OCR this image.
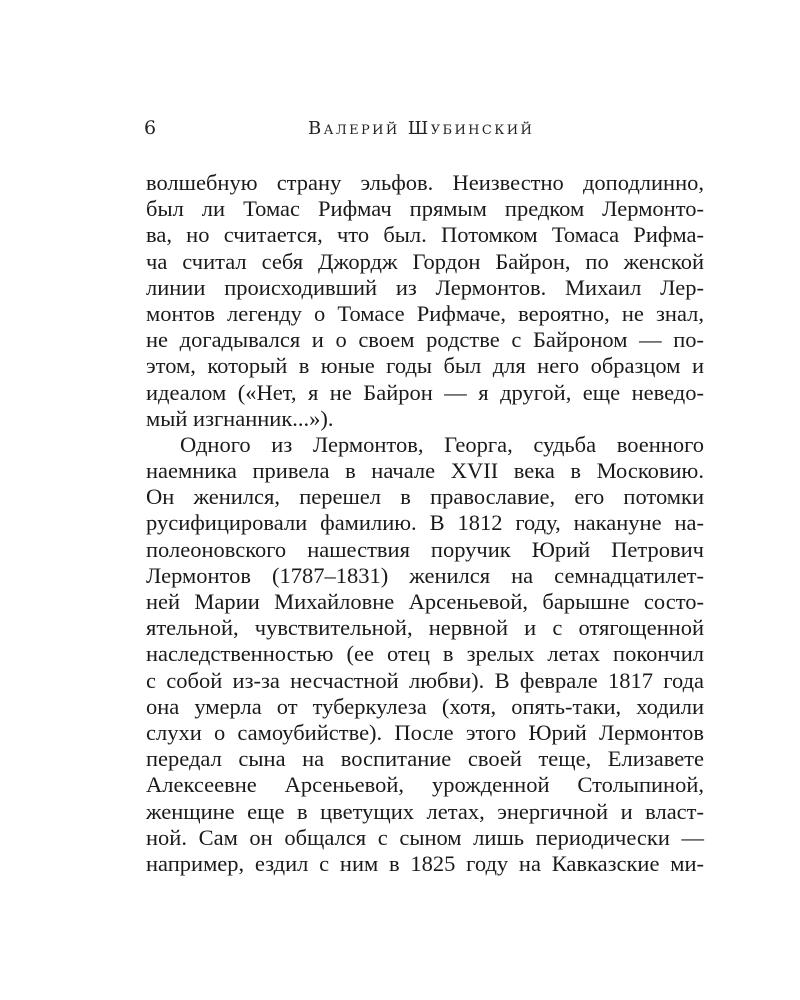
6	Валерий Шубинский
волшебную страну эльфов. Неизвестно доподлинно,
был ли Томас Рифмач прямым предком Лермонто-
ва, но считается, что был. Потомком Томаса Рифма-
ча считал себя Джордж Гордон Байрон, по женской
линии происходивший из Лермонтов. Михаил Лер-
монтов легенду о Томасе Рифмаче, вероятно, не знал,
не догадывался и о своем родстве с Байроном — по-
этом, который в юные годы был для него образцом и
идеалом («Нет, я не Байрон — я другой, еще неведо-
мый изгнанник...»).
Одного из Лермонтов, Георга, судьба военного
наемника привела в начале XVII века в Московию.
Он женился, перешел в православие, его потомки
русифицировали фамилию. В 1812 году, накануне на-
полеоновского нашествия поручик Юрий Петрович
Лермонтов (1787–1831) женился на семнадцатилет-
ней Марии Михайловне Арсеньевой, барышне состо-
ятельной, чувствительной, нервной и с отягощенной
наследственностью (ее отец в зрелых летах покончил
с собой из-за несчастной любви). В феврале 1817 года
она умерла от туберкулеза (хотя, опять-таки, ходили
слухи о самоубийстве). После этого Юрий Лермонтов
передал сына на воспитание своей теще, Елизавете
Алексеевне Арсеньевой, урожденной Столыпиной,
женщине еще в цветущих летах, энергичной и власт-
ной. Сам он общался с сыном лишь периодически —
например, ездил с ним в 1825 году на Кавказские ми-
